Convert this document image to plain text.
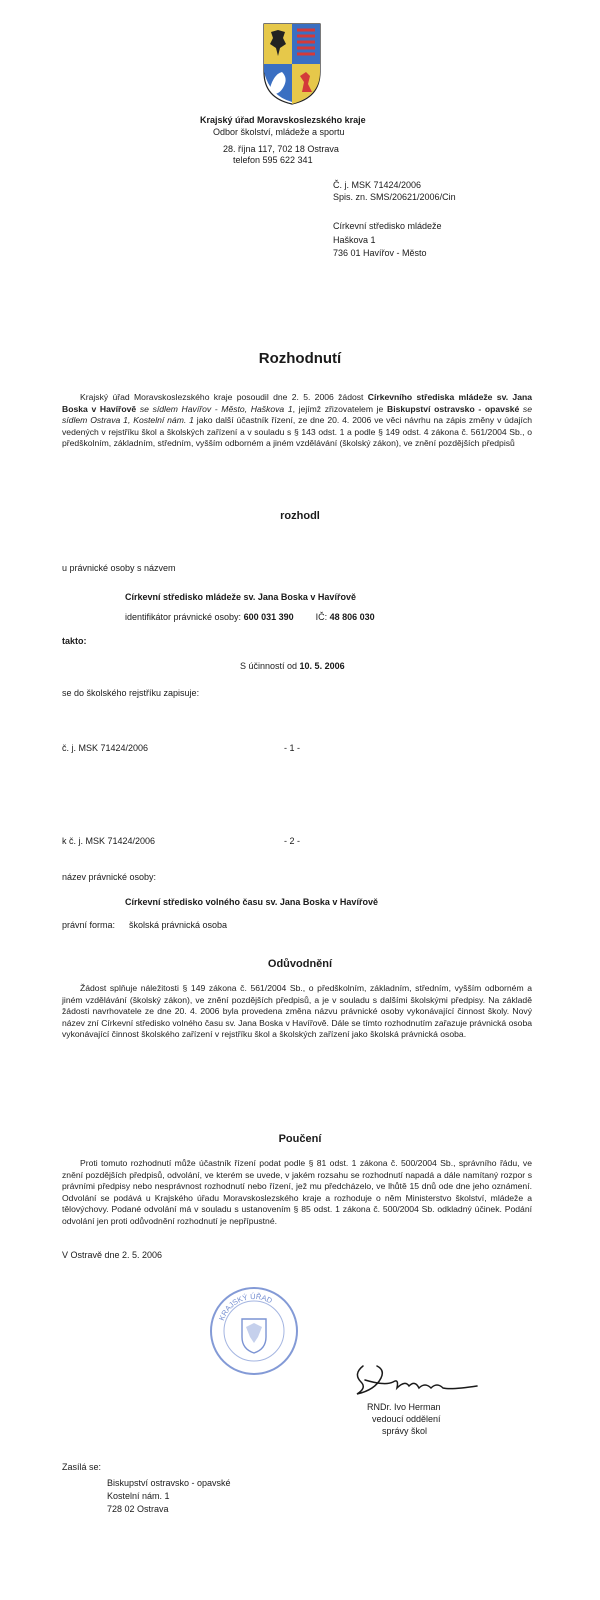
Krajský úřad Moravskoslezského kraje
Odbor školství, mládeže a sportu
28. října 117, 702 18 Ostrava
telefon 595 622 341
Č. j. MSK 71424/2006
Spis. zn. SMS/20621/2006/Cin
Církevní středisko mládeže
Haškova 1
736 01 Havířov - Město
Rozhodnutí
Krajský úřad Moravskoslezského kraje posoudil dne 2. 5. 2006 žádost Církevního střediska mládeže sv. Jana Boska v Havířově se sídlem Havířov - Město, Haškova 1, jejímž zřizovatelem je Biskupství ostravsko - opavské se sídlem Ostrava 1, Kostelní nám. 1 jako další účastník řízení, ze dne 20. 4. 2006 ve věci návrhu na zápis změny v údajích vedených v rejstříku škol a školských zařízení a v souladu s § 143 odst. 1 a podle § 149 odst. 4 zákona č. 561/2004 Sb., o předškolním, základním, středním, vyšším odborném a jiném vzdělávání (školský zákon), ve znění pozdějších předpisů
rozhodl
u právnické osoby s názvem
Církevní středisko mládeže sv. Jana Boska v Havířově
identifikátor právnické osoby: 600 031 390 IČ: 48 806 030
takto:
S účinností od 10. 5. 2006
se do školského rejstříku zapisuje:
č. j. MSK 71424/2006	- 1 -
k č. j. MSK 71424/2006	- 2 -
název právnické osoby:
Církevní středisko volného času sv. Jana Boska v Havířově
právní forma: školská právnická osoba
Odůvodnění
Žádost splňuje náležitosti § 149 zákona č. 561/2004 Sb., o předškolním, základním, středním, vyšším odborném a jiném vzdělávání (školský zákon), ve znění pozdějších předpisů, a je v souladu s dalšími školskými předpisy. Na základě žádosti navrhovatele ze dne 20. 4. 2006 byla provedena změna názvu právnické osoby vykonávající činnost školy. Nový název zní Církevní středisko volného času sv. Jana Boska v Havířově. Dále se tímto rozhodnutím zařazuje právnická osoba vykonávající činnost školského zařízení v rejstříku škol a školských zařízení jako školská právnická osoba.
Poučení
Proti tomuto rozhodnutí může účastník řízení podat podle § 81 odst. 1 zákona č. 500/2004 Sb., správního řádu, ve znění pozdějších předpisů, odvolání, ve kterém se uvede, v jakém rozsahu se rozhodnutí napadá a dále namítaný rozpor s právními předpisy nebo nesprávnost rozhodnutí nebo řízení, jež mu předcházelo, ve lhůtě 15 dnů ode dne jeho oznámení. Odvolání se podává u Krajského úřadu Moravskoslezského kraje a rozhoduje o něm Ministerstvo školství, mládeže a tělovýchovy. Podané odvolání má v souladu s ustanovením § 85 odst. 1 zákona č. 500/2004 Sb. odkladný účinek. Podání odvolání jen proti odůvodnění rozhodnutí je nepřípustné.
V Ostravě dne 2. 5. 2006
KRAJSKÝ ÚŘAD
RNDr. Ivo Herman
vedoucí oddělení
správy škol
Zasílá se:
Biskupství ostravsko - opavské
Kostelní nám. 1
728 02 Ostrava
